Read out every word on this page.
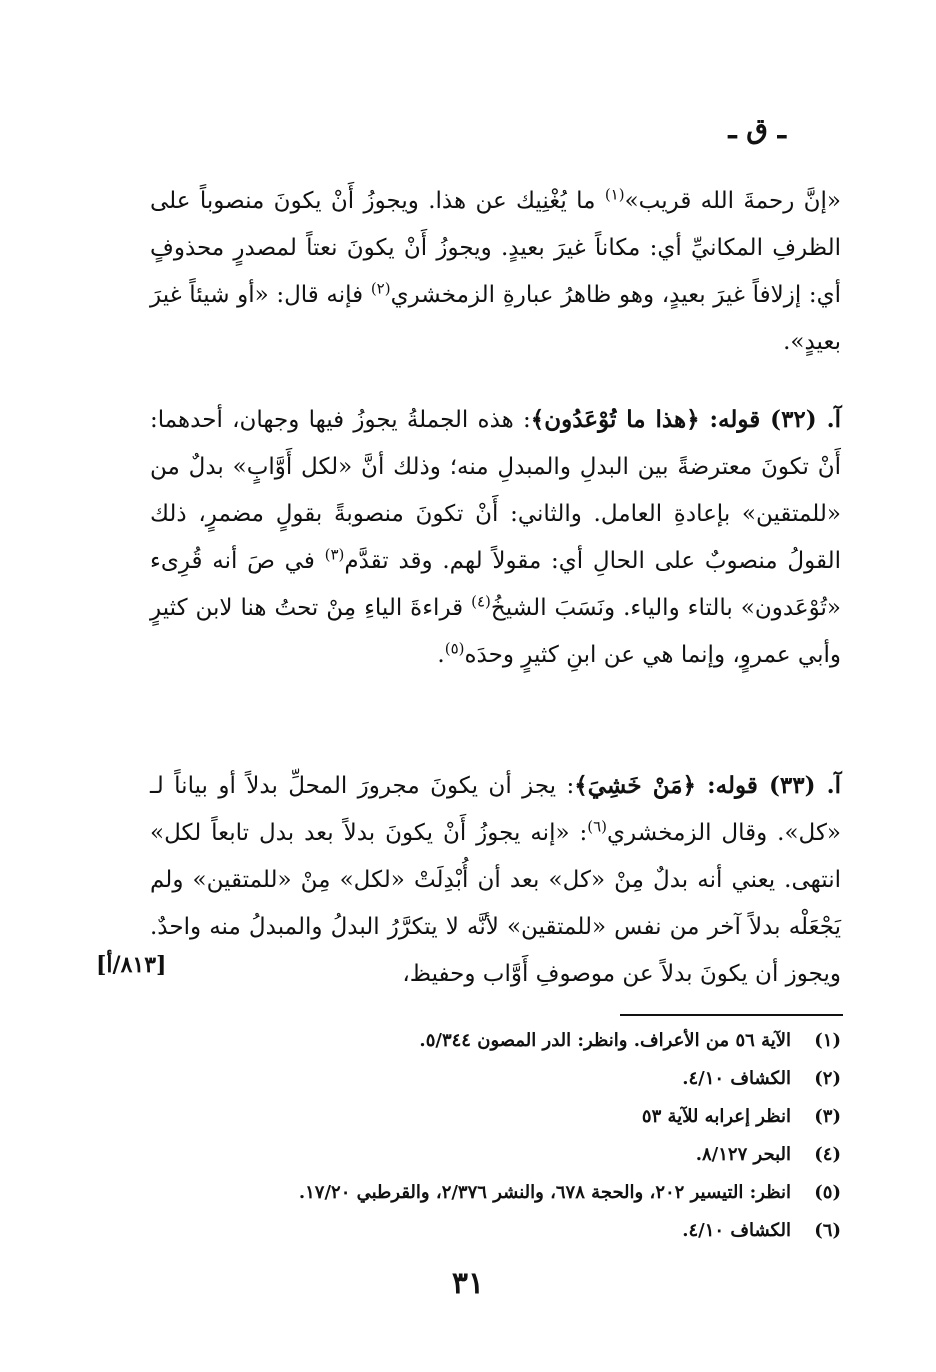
ـ ق ـ
«إنَّ رحمةَ الله قريب»$^{(١)}$ ما يُغْنِيك عن هذا. ويجوزُ أَنْ يكونَ منصوباً على الظرفِ المكانيِّ أي: مكاناً غيرَ بعيدٍ. ويجوزُ أَنْ يكونَ نعتاً لمصدرٍ محذوفٍ أي: إزلافاً غيرَ بعيدٍ، وهو ظاهرُ عبارةِ الزمخشري$^{(٢)}$ فإنه قال: «أو شيئاً غيرَ بعيدٍ».
آ. (٣٢) قوله: ﴿هذا ما تُوْعَدُون﴾: هذه الجملةُ يجوزُ فيها وجهان، أحدهما: أَنْ تكونَ معترضةً بين البدلِ والمبدلِ منه؛ وذلك أنَّ «لكل أَوَّابٍ» بدلٌ من «للمتقين» بإعادةِ العامل. والثاني: أَنْ تكونَ منصوبةً بقولٍ مضمرٍ، ذلك القولُ منصوبٌ على الحالِ أي: مقولاً لهم. وقد تقدَّم$^{(٣)}$ في صَ أنه قُرِىء «تُوْعَدون» بالتاء والياء. ونَسَبَ الشيخُ$^{(٤)}$ قراءةَ الياءِ مِنْ تحتُ هنا لابن كثيرٍ وأبي عمروٍ، وإنما هي عن ابنِ كثيرٍ وحدَه$^{(٥)}$.
آ. (٣٣) قوله: ﴿مَنْ خَشِيَ﴾: يجز أن يكونَ مجرورَ المحلِّ بدلاً أو بياناً لـ «كل». وقال الزمخشري$^{(٦)}$: «إنه يجوزُ أَنْ يكونَ بدلاً بعد بدل تابعاً لكل» انتهى. يعني أنه بدلٌ مِنْ «كل» بعد أن أُبْدِلَتْ «لكل» مِنْ «للمتقين» ولم يَجْعَلْه بدلاً آخر من نفس «للمتقين» لأنَّه لا يتكرَّرُ البدلُ والمبدلُ منه واحدٌ. ويجوز أن يكونَ بدلاً عن موصوفِ أَوَّاب وحفيظ،
[٨١٣/أ]
(١)
الآية ٥٦ من الأعراف. وانظر: الدر المصون ٥/٣٤٤.
(٢)
الكشاف ٤/١٠.
(٣)
انظر إعرابه للآية ٥٣
(٤)
البحر ٨/١٢٧.
(٥)
انظر: التيسير ٢٠٢، والحجة ٦٧٨، والنشر ٢/٣٧٦، والقرطبي ١٧/٢٠.
(٦)
الكشاف ٤/١٠.
٣١
